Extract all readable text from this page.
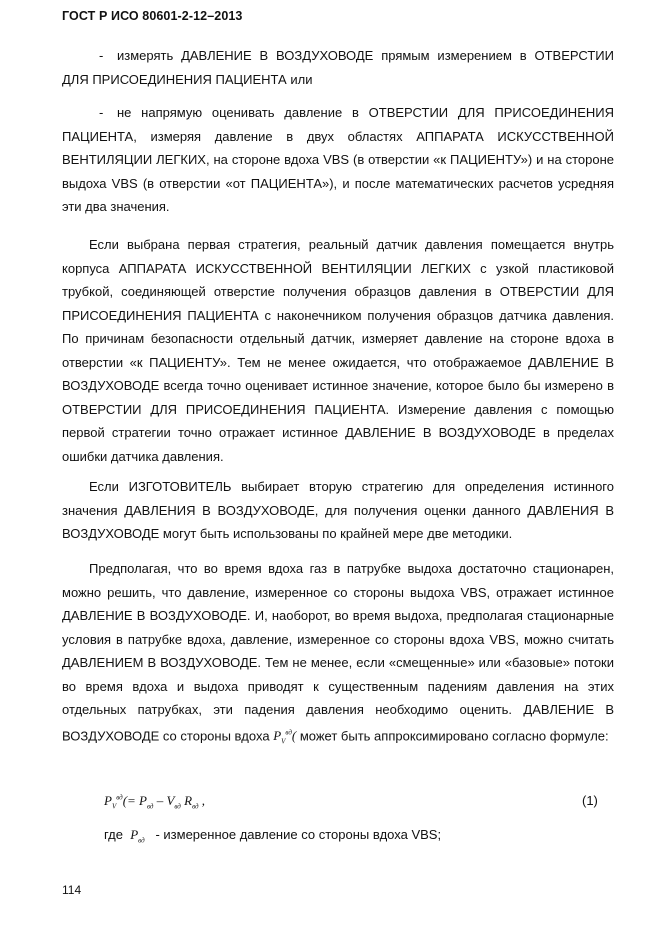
ГОСТ Р ИСО 80601-2-12–2013
-	измерять ДАВЛЕНИЕ В ВОЗДУХОВОДЕ прямым измерением в ОТВЕРСТИИ ДЛЯ ПРИСОЕДИНЕНИЯ ПАЦИЕНТА или

-	не напрямую оценивать давление в ОТВЕРСТИИ ДЛЯ ПРИСОЕДИНЕНИЯ ПАЦИЕНТА, измеряя давление в двух областях АППАРАТА ИСКУССТВЕННОЙ ВЕНТИЛЯЦИИ ЛЕГКИХ, на стороне вдоха VBS (в отверстии «к ПАЦИЕНТУ») и на стороне выдоха VBS (в отверстии «от ПАЦИЕНТА»), и после математических расчетов усредняя эти два значения.

Если выбрана первая стратегия, реальный датчик давления помещается внутрь корпуса АППАРАТА ИСКУССТВЕННОЙ ВЕНТИЛЯЦИИ ЛЕГКИХ с узкой пластиковой трубкой, соединяющей отверстие получения образцов давления в ОТВЕРСТИИ ДЛЯ ПРИСОЕДИНЕНИЯ ПАЦИЕНТА с наконечником получения образцов датчика давления. По причинам безопасности отдельный датчик, измеряет давление на стороне вдоха в отверстии «к ПАЦИЕНТУ». Тем не менее ожидается, что отображаемое ДАВЛЕНИЕ В ВОЗДУХОВОДЕ всегда точно оценивает истинное значение, которое было бы измерено в ОТВЕРСТИИ ДЛЯ ПРИСОЕДИНЕНИЯ ПАЦИЕНТА. Измерение давления с помощью первой стратегии точно отражает истинное ДАВЛЕНИЕ В ВОЗДУХОВОДЕ в пределах ошибки датчика давления.

Если ИЗГОТОВИТЕЛЬ выбирает вторую стратегию для определения истинного значения ДАВЛЕНИЯ В ВОЗДУХОВОДЕ, для получения оценки данного ДАВЛЕНИЯ В ВОЗДУХОВОДЕ могут быть использованы по крайней мере две методики.

Предполагая, что во время вдоха газ в патрубке выдоха достаточно стационарен, можно решить, что давление, измеренное со стороны выдоха VBS, отражает истинное ДАВЛЕНИЕ В ВОЗДУХОВОДЕ. И, наоборот, во время выдоха, предполагая стационарные условия в патрубке вдоха, давление, измеренное со стороны вдоха VBS, можно считать ДАВЛЕНИЕМ В ВОЗДУХОВОДЕ. Тем не менее, если «смещенные» или «базовые» потоки во время вдоха и выдоха приводят к существенным падениям давления на этих отдельных патрубках, эти падения давления необходимо оценить. ДАВЛЕНИЕ В ВОЗДУХОВОДЕ со стороны вдоха $P_V^{вд}$( может быть аппроксимировано согласно формуле:

$P_V^{вд}(= P_{вд} - V_{вд}$ $R_{вд}$ ,	(1)
где $P_{вд}$ - измеренное давление со стороны вдоха VBS;
114
